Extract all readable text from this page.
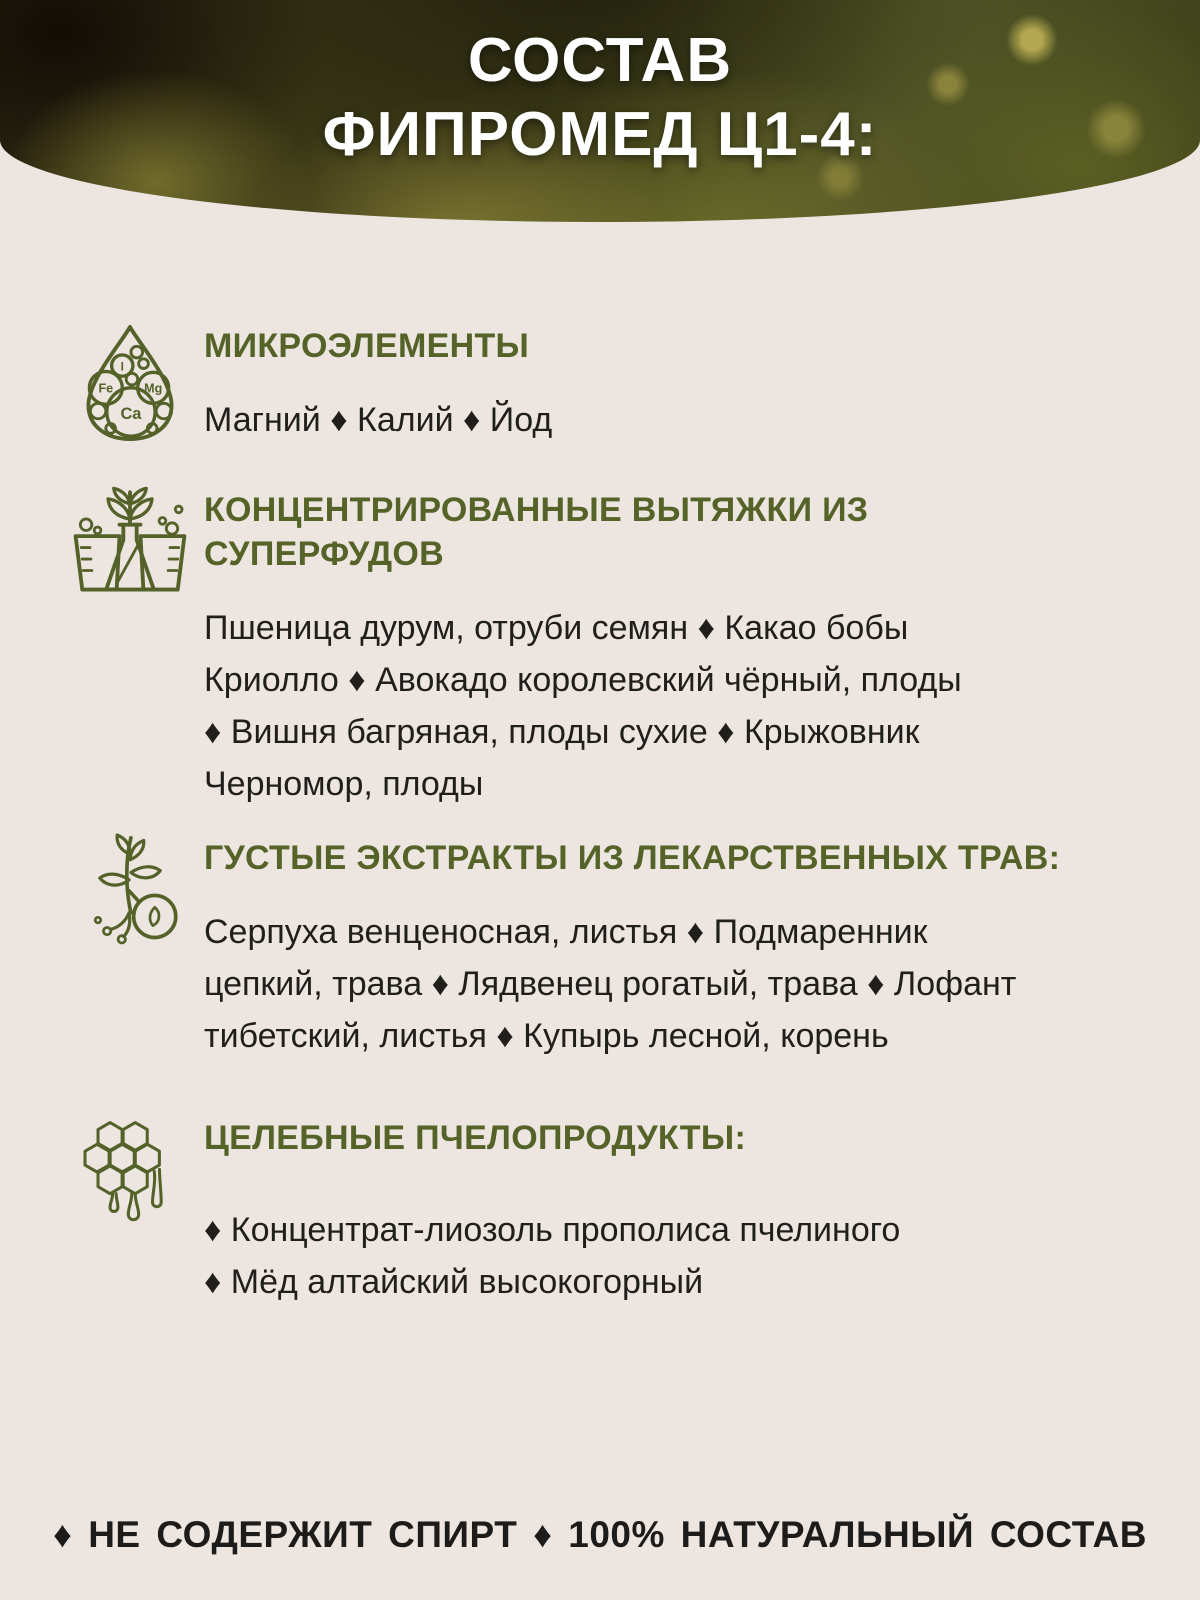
СОСТАВ
ФИПРОМЕД Ц1-4:
I
Fe Mg
Ca
МИКРОЭЛЕМЕНТЫ
Магний ♦ Калий ♦ Йод
КОНЦЕНТРИРОВАННЫЕ ВЫТЯЖКИ ИЗ
СУПЕРФУДОВ
Пшеница дурум, отруби семян ♦ Какао бобы
Криолло ♦ Авокадо королевский чёрный, плоды
♦ Вишня багряная, плоды сухие ♦ Крыжовник
Черномор, плоды
ГУСТЫЕ ЭКСТРАКТЫ ИЗ ЛЕКАРСТВЕННЫХ ТРАВ:
Серпуха венценосная, листья ♦ Подмаренник
цепкий, трава ♦ Лядвенец рогатый, трава ♦ Лофант
тибетский, листья ♦ Купырь лесной, корень
ЦЕЛЕБНЫЕ ПЧЕЛОПРОДУКТЫ:
♦ Концентрат-лиозоль прополиса пчелиного
♦ Мёд алтайский высокогорный
♦ НЕ СОДЕРЖИТ СПИРТ ♦ 100% НАТУРАЛЬНЫЙ СОСТАВ
